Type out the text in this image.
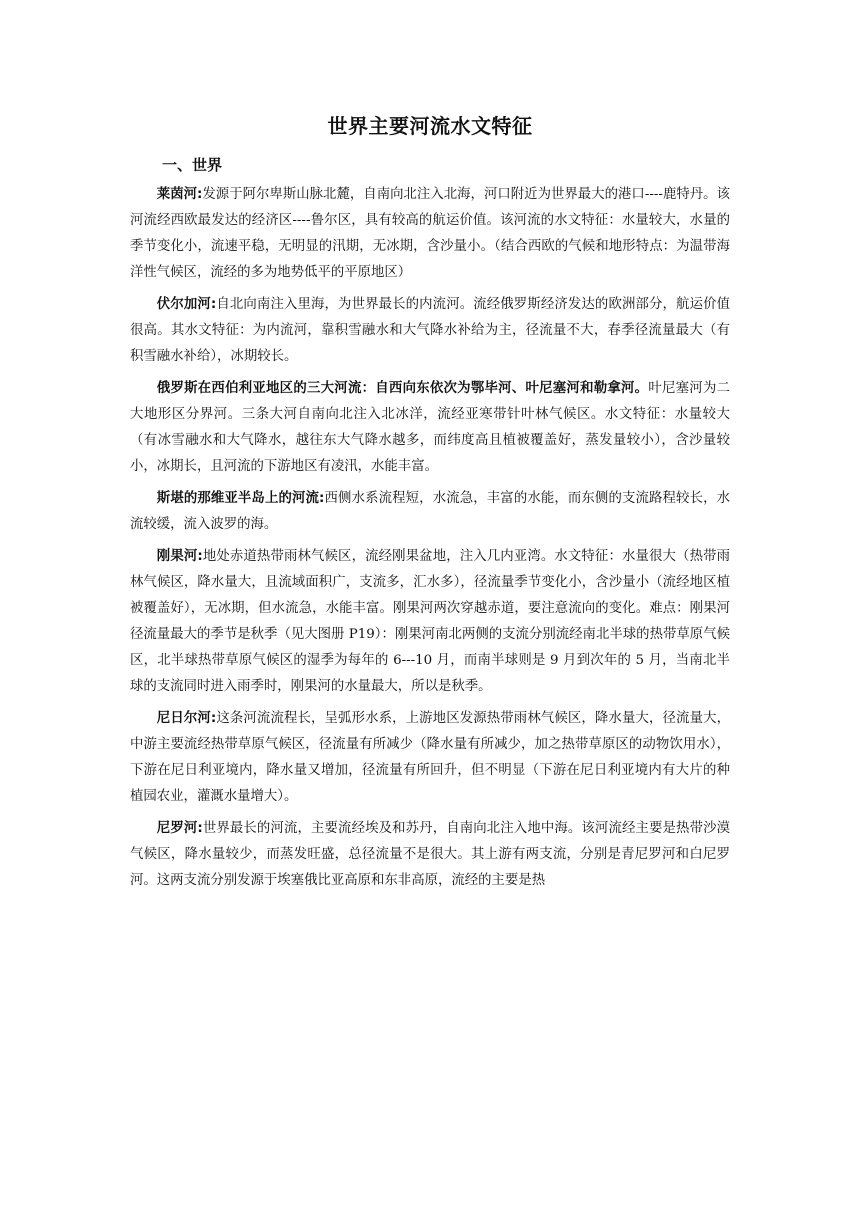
世界主要河流水文特征
一、世界

莱茵河:发源于阿尔卑斯山脉北麓，自南向北注入北海，河口附近为世界最大的港口----鹿特丹。该河流经西欧最发达的经济区----鲁尔区，具有较高的航运价值。该河流的水文特征：水量较大，水量的季节变化小，流速平稳，无明显的汛期，无冰期，含沙量小。（结合西欧的气候和地形特点：为温带海洋性气候区，流经的多为地势低平的平原地区）

伏尔加河:自北向南注入里海，为世界最长的内流河。流经俄罗斯经济发达的欧洲部分，航运价值很高。其水文特征：为内流河，靠积雪融水和大气降水补给为主，径流量不大，春季径流量最大（有积雪融水补给），冰期较长。

俄罗斯在西伯利亚地区的三大河流：自西向东依次为鄂毕河、叶尼塞河和勒拿河。叶尼塞河为二大地形区分界河。三条大河自南向北注入北冰洋，流经亚寒带针叶林气候区。水文特征：水量较大（有冰雪融水和大气降水，越往东大气降水越多，而纬度高且植被覆盖好，蒸发量较小），含沙量较小，冰期长，且河流的下游地区有凌汛，水能丰富。

斯堪的那维亚半岛上的河流:西侧水系流程短，水流急，丰富的水能，而东侧的支流路程较长，水流较缓，流入波罗的海。

刚果河:地处赤道热带雨林气候区，流经刚果盆地，注入几内亚湾。水文特征：水量很大（热带雨林气候区，降水量大，且流域面积广，支流多，汇水多），径流量季节变化小，含沙量小（流经地区植被覆盖好），无冰期，但水流急，水能丰富。刚果河两次穿越赤道，要注意流向的变化。难点：刚果河径流量最大的季节是秋季（见大图册 P19）：刚果河南北两侧的支流分别流经南北半球的热带草原气候区，北半球热带草原气候区的湿季为每年的 6---10 月，而南半球则是 9 月到次年的 5 月，当南北半球的支流同时进入雨季时，刚果河的水量最大，所以是秋季。

尼日尔河:这条河流流程长，呈弧形水系，上游地区发源热带雨林气候区，降水量大，径流量大，中游主要流经热带草原气候区，径流量有所减少（降水量有所减少，加之热带草原区的动物饮用水），下游在尼日利亚境内，降水量又增加，径流量有所回升，但不明显（下游在尼日利亚境内有大片的种植园农业，灌溉水量增大）。

尼罗河:世界最长的河流，主要流经埃及和苏丹，自南向北注入地中海。该河流经主要是热带沙漠气候区，降水量较少，而蒸发旺盛，总径流量不是很大。其上游有两支流，分别是青尼罗河和白尼罗河。这两支流分别发源于埃塞俄比亚高原和东非高原，流经的主要是热
